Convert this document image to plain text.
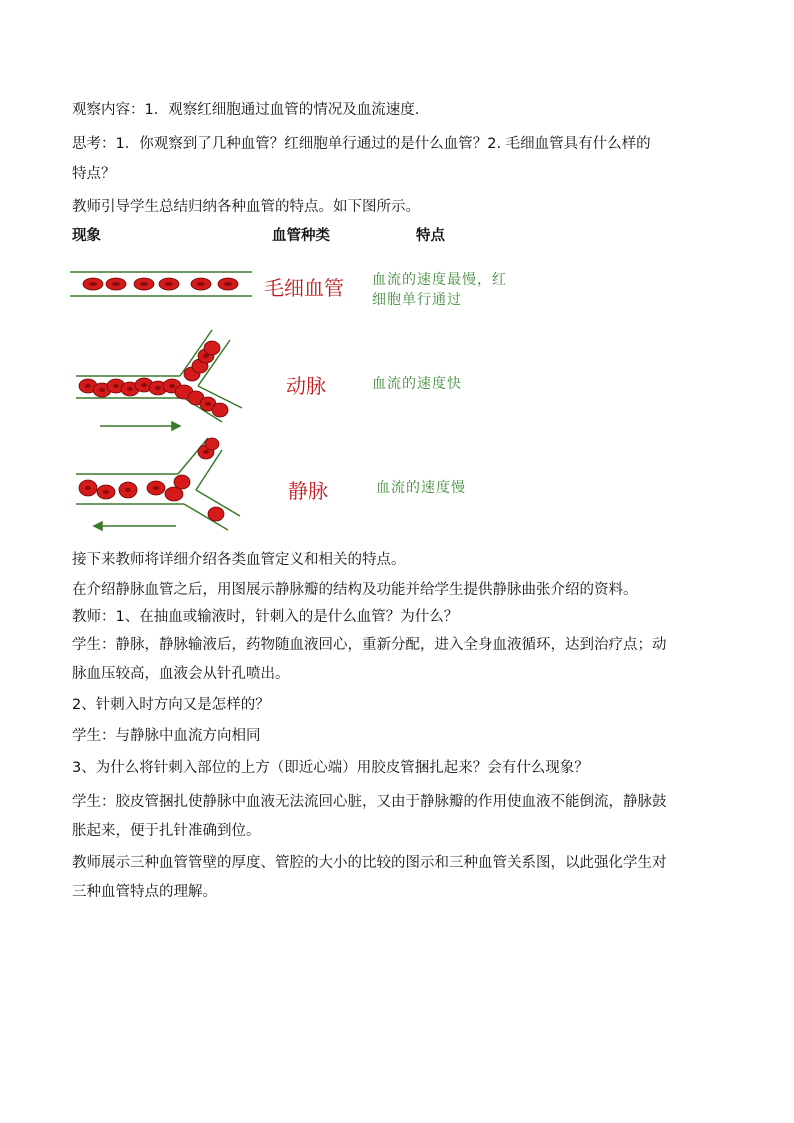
观察内容：1．观察红细胞通过血管的情况及血流速度.

思考：1．你观察到了几种血管？红细胞单行通过的是什么血管？2. 毛细血管具有什么样的

特点？

教师引导学生总结归纳各种血管的特点。如下图所示。

现象	血管种类	特点
毛细血管 血流的速度最慢，红
细胞单行通过
动脉	血流的速度快
静脉	血流的速度慢

接下来教师将详细介绍各类血管定义和相关的特点。

在介绍静脉血管之后，用图展示静脉瓣的结构及功能并给学生提供静脉曲张介绍的资料。

教师：1、在抽血或输液时，针刺入的是什么血管？为什么？

学生：静脉，静脉输液后，药物随血液回心，重新分配，进入全身血液循环，达到治疗点；动

脉血压较高，血液会从针孔喷出。

2、针刺入时方向又是怎样的？

学生：与静脉中血流方向相同

3、为什么将针刺入部位的上方（即近心端）用胶皮管捆扎起来？会有什么现象？

学生：胶皮管捆扎使静脉中血液无法流回心脏，又由于静脉瓣的作用使血液不能倒流，静脉鼓

胀起来，便于扎针准确到位。

教师展示三种血管管壁的厚度、管腔的大小的比较的图示和三种血管关系图，以此强化学生对

三种血管特点的理解。
